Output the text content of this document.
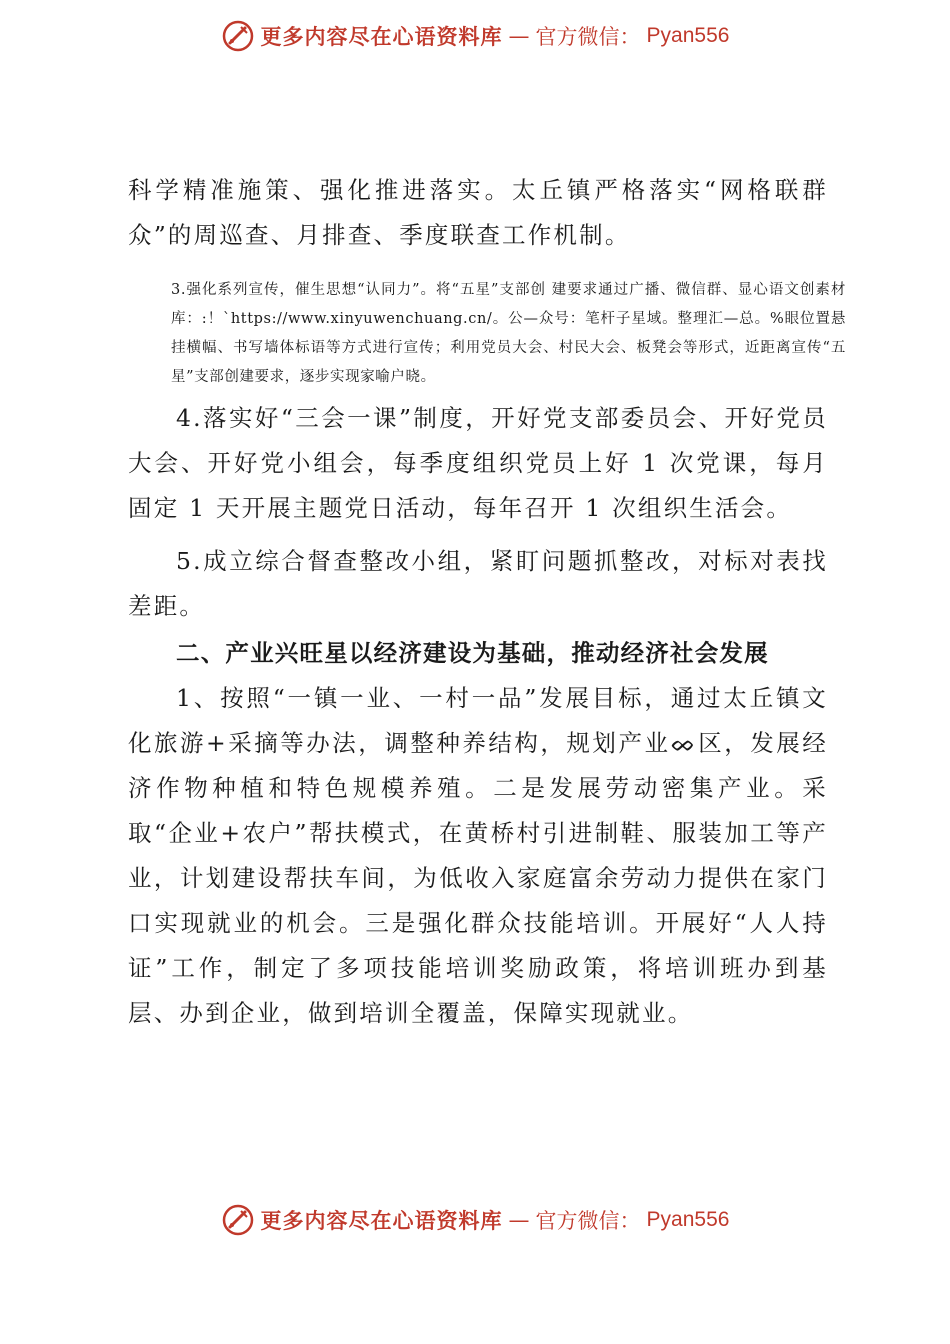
更多内容尽在心语资料库 — 官方微信： Pyan556

科学精准施策、强化推进落实。太丘镇严格落实“网格联群众”的周巡查、月排查、季度联查工作机制。

3.强化系列宣传，催生思想“认同力”。将“五星”支部创 建要求通过广播、微信群、显心语文创素材库：:！`https://www.xinyuwenchuang.cn/。公—众号：笔杆子星域。整理汇—总。%眼位置悬挂横幅、书写墙体标语等方式进行宣传；利用党员大会、村民大会、板凳会等形式，近距离宣传“五星”支部创建要求，逐步实现家喻户晓。

4.落实好“三会一课”制度，开好党支部委员会、开好党员大会、开好党小组会，每季度组织党员上好 1 次党课，每月固定 1 天开展主题党日活动，每年召开 1 次组织生活会。

5.成立综合督查整改小组，紧盯问题抓整改，对标对表找差距。

二、产业兴旺星以经济建设为基础，推动经济社会发展

1、按照“一镇一业、一村一品”发展目标，通过太丘镇文化旅游+采摘等办法，调整种养结构，规划产业ᨖ区，发展经济作物种植和特色规模养殖。二是发展劳动密集产业。采取“企业+农户”帮扶模式，在黄桥村引进制鞋、服装加工等产业，计划建设帮扶车间，为低收入家庭富余劳动力提供在家门口实现就业的机会。三是强化群众技能培训。开展好“人人持证”工作，制定了多项技能培训奖励政策，将培训班办到基层、办到企业，做到培训全覆盖，保障实现就业。

更多内容尽在心语资料库 — 官方微信： Pyan556
